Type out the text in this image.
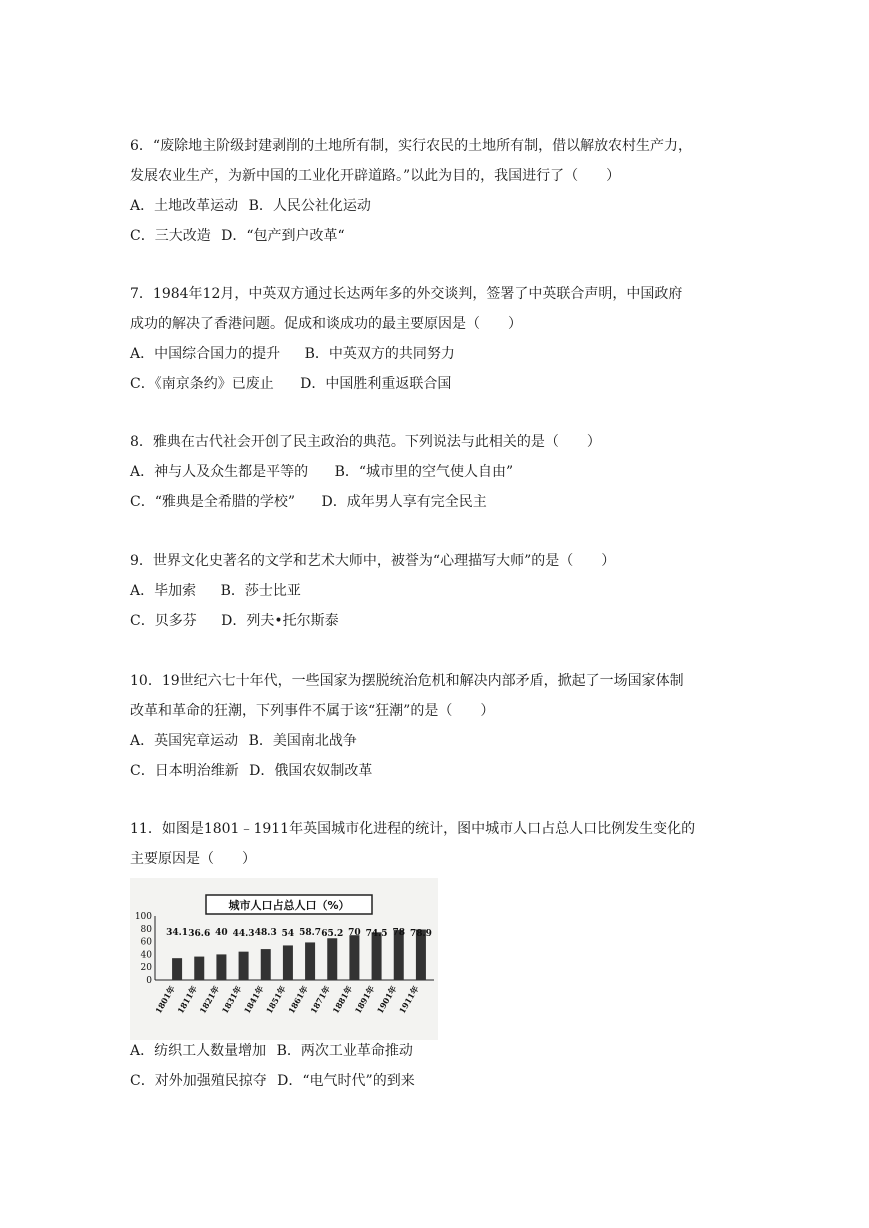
6．“废除地主阶级封建剥削的土地所有制，实行农民的土地所有制，借以解放农村生产力，
发展农业生产，为新中国的工业化开辟道路。”以此为目的，我国进行了（　　）
A．土地改革运动 B．人民公社化运动
C．三大改造 D．“包产到户改革“
7．1984年12月，中英双方通过长达两年多的外交谈判，签署了中英联合声明，中国政府
成功的解决了香港问题。促成和谈成功的最主要原因是（　　）
A．中国综合国力的提升 B．中英双方的共同努力
C．《南京条约》已废止 D．中国胜利重返联合国
8．雅典在古代社会开创了民主政治的典范。下列说法与此相关的是（　　）
A．神与人及众生都是平等的 B．“城市里的空气使人自由”
C．“雅典是全希腊的学校” D．成年男人享有完全民主
9．世界文化史著名的文学和艺术大师中，被誉为“心理描写大师”的是（　　）
A．毕加索 B．莎士比亚
C．贝多芬 D．列夫•托尔斯泰
10．19世纪六七十年代，一些国家为摆脱统治危机和解决内部矛盾，掀起了一场国家体制
改革和革命的狂潮，下列事件不属于该“狂潮”的是（　　）
A．英国宪章运动 B．美国南北战争
C．日本明治维新 D．俄国农奴制改革
11．如图是1801﹣1911年英国城市化进程的统计，图中城市人口占总人口比例发生变化的
主要原因是（　　）
城市人口占总人口（%）
100
80
60
40
20
0
34.1 36.6 40 44.3 48.3 54 58.7 65.2 70 74.5 78 78.9
1801年
1811年
1821年
1831年
1841年
1851年
1861年
1871年
1881年
1891年
1901年
1911年
A．纺织工人数量增加 B．两次工业革命推动
C．对外加强殖民掠夺 D．“电气时代”的到来
